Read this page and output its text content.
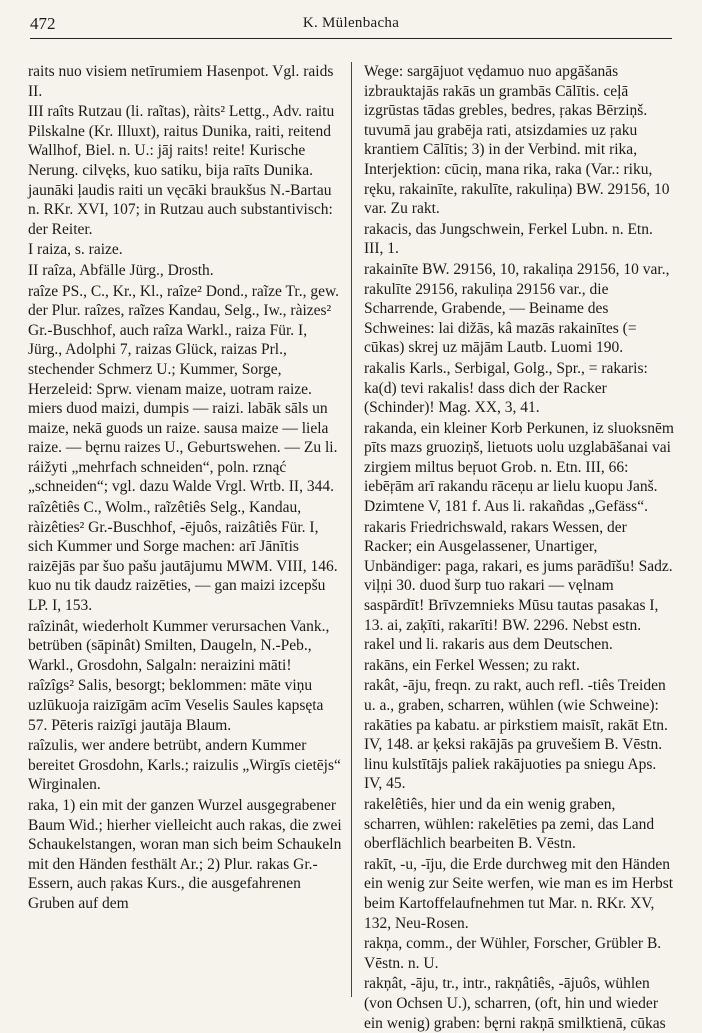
472	K. Mülenbacha

raits nuo visiem netīrumiem Hasenpot. Vgl. raids II.

III raîts Rutzau (li. raĩtas), ràits² Lettg., Adv. raitu Pilskalne (Kr. Illuxt), raitus Dunika, raiti, reitend Wallhof, Biel. n. U.: jāj raits! reite! Kurische Nerung. cilvęks, kuo satiku, bija raīts Dunika. jaunāki ļaudis raiti un vęcāki braukšus N.-Bartau n. RKr. XVI, 107; in Rutzau auch substantivisch: der Reiter.

I raiza, s. raize.

II raîza, Abfälle Jürg., Drosth.

raîze PS., C., Kr., Kl., raîze² Dond., raĩze Tr., gew. der Plur. raîzes, raĩzes Kandau, Selg., Iw., ràizes² Gr.-Buschhof, auch raîza Warkl., raiza Für. I, Jürg., Adolphi 7, raizas Glück, raizas Prl., stechender Schmerz U.; Kummer, Sorge, Herzeleid: Sprw. vienam maize, uotram raize. miers duod maizi, dumpis — raizi. labāk sāls un maize, nekā guods un raize. sausa maize — liela raize. — bęrnu raizes U., Geburtswehen. — Zu li. ráižyti „mehrfach schneiden“, poln. rznąć „schneiden“; vgl. dazu Walde Vrgl. Wrtb. II, 344.

raîzêtiês C., Wolm., raĩzêtiês Selg., Kandau, ràizêties² Gr.-Buschhof, -ējuôs, raizâtiês Für. I, sich Kummer und Sorge machen: arī Jānītis raizējās par šuo pašu jautājumu MWM. VIII, 146. kuo nu tik daudz raizēties, — gan maizi izcepšu LP. I, 153.

raîzinât, wiederholt Kummer verursachen Vank., betrüben (sāpinât) Smilten, Daugeln, N.-Peb., Warkl., Grosdohn, Salgaln: neraizini māti!

raîzîgs² Salis, besorgt; beklommen: māte viņu uzlūkuoja raizīgām acīm Veselis Saules kapsęta 57. Pēteris raizīgi jautāja Blaum.

raîzulis, wer andere betrübt, andern Kummer bereitet Grosdohn, Karls.; raizulis „Wirgīs cietējs“ Wirginalen.

raka, 1) ein mit der ganzen Wurzel ausgegrabener Baum Wid.; hierher vielleicht auch rakas, die zwei Schaukelstangen, woran man sich beim Schaukeln mit den Händen festhält Ar.; 2) Plur. rakas Gr.-Essern, auch ŗakas Kurs., die ausgefahrenen Gruben auf dem

Wege: sargājuot vędamuo nuo apgāšanās izbrauktajās rakās un grambās Cālītis. ceļā izgrūstas tādas grebles, bedres, ŗakas Bērziņš. tuvumā jau grabēja rati, atsizdamies uz ŗaku krantiem Cālītis; 3) in der Verbind. mit rika, Interjektion: cūciņ, mana rika, raka (Var.: riku, ręku, rakainīte, rakulīte, rakuliņa) BW. 29156, 10 var. Zu rakt.

rakacis, das Jungschwein, Ferkel Lubn. n. Etn. III, 1.

rakainīte BW. 29156, 10, rakaliņa 29156, 10 var., rakulīte 29156, rakuliņa 29156 var., die Scharrende, Grabende, — Beiname des Schweines: lai dižās, kâ mazās rakainītes (= cūkas) skrej uz mājām Lautb. Luomi 190.

rakalis Karls., Serbigal, Golg., Spr., = rakaris: ka(d) tevi rakalis! dass dich der Racker (Schinder)! Mag. XX, 3, 41.

rakanda, ein kleiner Korb Perkunen, iz sluoksnēm pīts mazs gruoziņš, lietuots uolu uzglabāšanai vai zirgiem miltus beŗuot Grob. n. Etn. III, 66: iebēŗām arī rakandu rāceņu ar lielu kuopu Janš. Dzimtene V, 181 f. Aus li. rakañdas „Gefäss“.

rakaris Friedrichswald, rakars Wessen, der Racker; ein Ausgelassener, Unartiger, Unbändiger: paga, rakari, es jums parādīšu! Sadz. viļņi 30. duod šurp tuo rakari — vęlnam saspārdīt! Brīvzemnieks Mūsu tautas pasakas I, 13. ai, zaķīti, rakarīti! BW. 2296. Nebst estn. rakel und li. rakaris aus dem Deutschen.

rakāns, ein Ferkel Wessen; zu rakt.

rakât, -āju, freqn. zu rakt, auch refl. -tiês Treiden u. a., graben, scharren, wühlen (wie Schweine): rakāties pa kabatu. ar pirkstiem maisīt, rakāt Etn. IV, 148. ar ķeksi rakājās pa gruvešiem B. Vēstn. linu kulstītājs paliek rakājuoties pa sniegu Aps. IV, 45.

rakelêtiês, hier und da ein wenig graben, scharren, wühlen: rakelēties pa zemi, das Land oberflächlich bearbeiten B. Vēstn.

rakīt, -u, -īju, die Erde durchweg mit den Händen ein wenig zur Seite werfen, wie man es im Herbst beim Kartoffelaufnehmen tut Mar. n. RKr. XV, 132, Neu-Rosen.

rakņa, comm., der Wühler, Forscher, Grübler B. Vēstn. n. U.

rakņât, -āju, tr., intr., rakņâtiês, -ājuôs, wühlen (von Ochsen U.), scharren, (oft, hin und wieder ein wenig) graben: bęrni rakņā smilktienā, cūkas
